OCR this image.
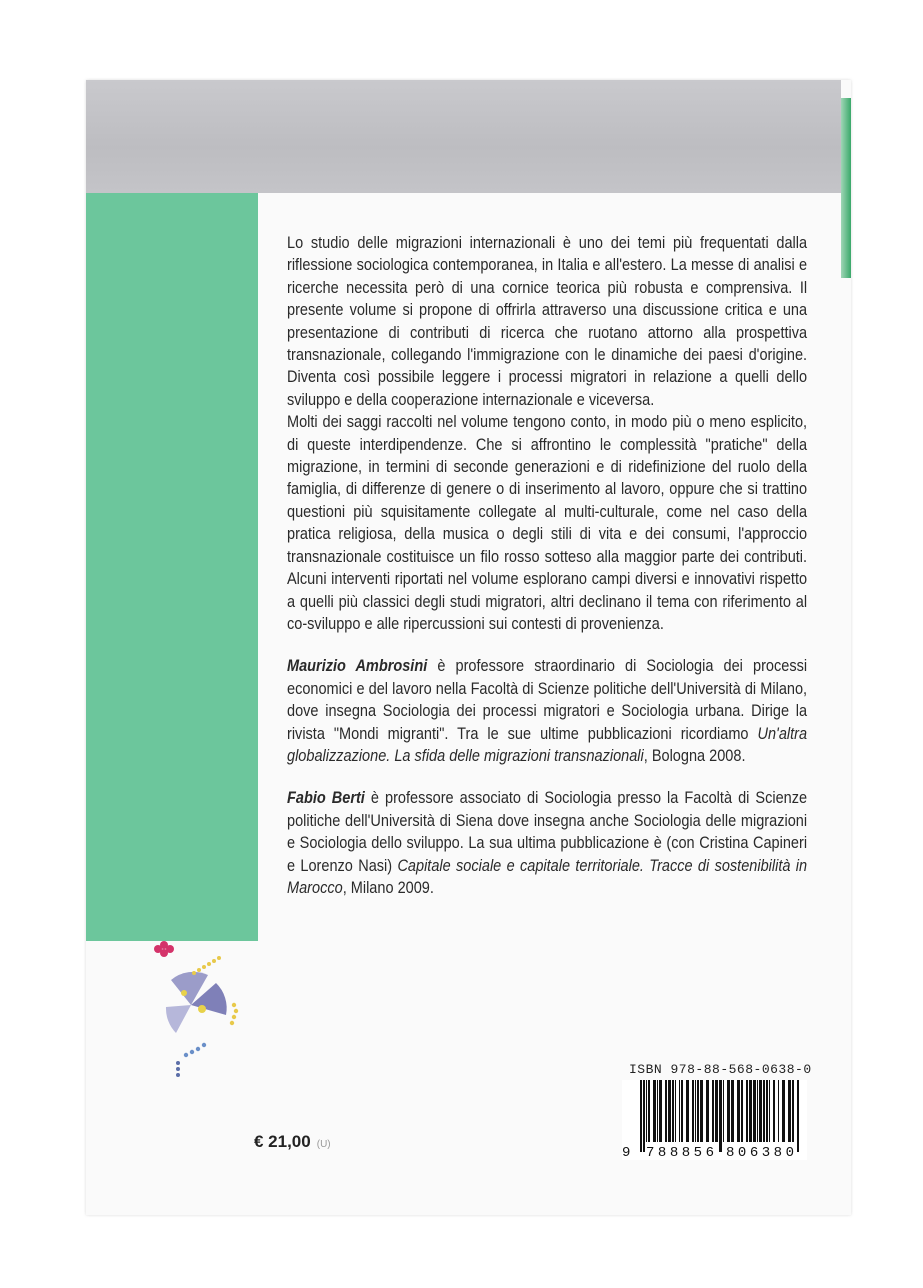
Lo studio delle migrazioni internazionali è uno dei temi più frequentati dalla riflessione sociologica contemporanea, in Italia e all'estero. La messe di analisi e ricerche necessita però di una cornice teorica più robusta e comprensiva. Il presente volume si propone di offrirla attraverso una discussione critica e una presentazione di contributi di ricerca che ruotano attorno alla prospettiva transnazionale, collegando l'immigrazione con le dinamiche dei paesi d'origine. Diventa così possibile leggere i processi migratori in relazione a quelli dello sviluppo e della cooperazione internazionale e viceversa.

Molti dei saggi raccolti nel volume tengono conto, in modo più o meno esplicito, di queste interdipendenze. Che si affrontino le complessità "pratiche" della migrazione, in termini di seconde generazioni e di ridefinizione del ruolo della famiglia, di differenze di genere o di inserimento al lavoro, oppure che si trattino questioni più squisitamente collegate al multi-culturale, come nel caso della pratica religiosa, della musica o degli stili di vita e dei consumi, l'approccio transnazionale costituisce un filo rosso sotteso alla maggior parte dei contributi. Alcuni interventi riportati nel volume esplorano campi diversi e innovativi rispetto a quelli più classici degli studi migratori, altri declinano il tema con riferimento al co-sviluppo e alle ripercussioni sui contesti di provenienza.

Maurizio Ambrosini è professore straordinario di Sociologia dei processi economici e del lavoro nella Facoltà di Scienze politiche dell'Università di Milano, dove insegna Sociologia dei processi migratori e Sociologia urbana. Dirige la rivista "Mondi migranti". Tra le sue ultime pubblicazioni ricordiamo Un'altra globalizzazione. La sfida delle migrazioni transnazionali, Bologna 2008.

Fabio Berti è professore associato di Sociologia presso la Facoltà di Scienze politiche dell'Università di Siena dove insegna anche Sociologia delle migrazioni e Sociologia dello sviluppo. La sua ultima pubblicazione è (con Cristina Capineri e Lorenzo Nasi) Capitale sociale e capitale territoriale. Tracce di sostenibilità in Marocco, Milano 2009.

€ 21,00 (U)
ISBN 978-88-568-0638-0
9 788856 806380
